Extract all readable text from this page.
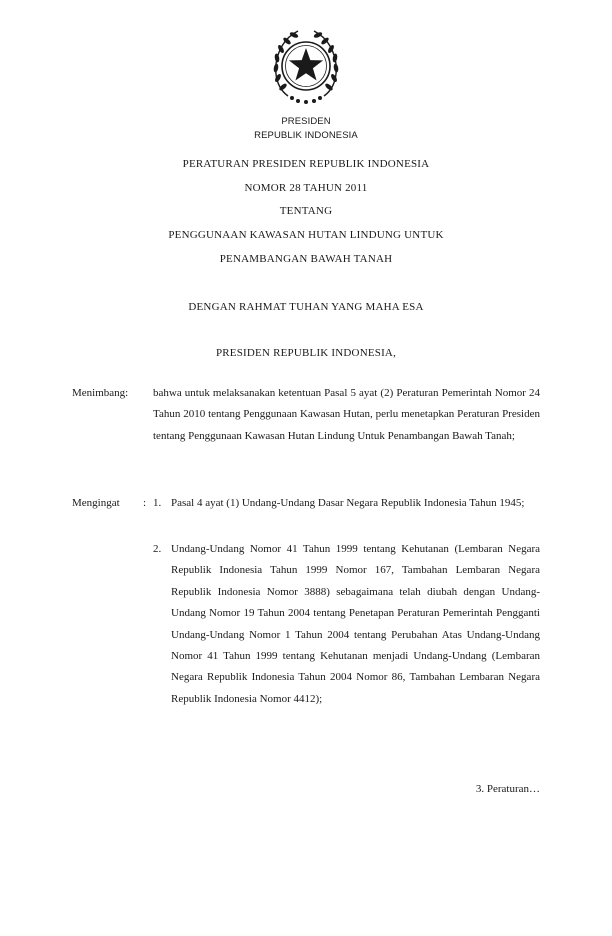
PRESIDEN
REPUBLIK INDONESIA
PERATURAN PRESIDEN REPUBLIK INDONESIA
NOMOR 28 TAHUN 2011
TENTANG
PENGGUNAAN KAWASAN HUTAN LINDUNG UNTUK
PENAMBANGAN BAWAH TANAH
DENGAN RAHMAT TUHAN YANG MAHA ESA
PRESIDEN REPUBLIK INDONESIA,
Menimbang: bahwa untuk melaksanakan ketentuan Pasal 5 ayat (2) Peraturan Pemerintah Nomor 24 Tahun 2010 tentang Penggunaan Kawasan Hutan, perlu menetapkan Peraturan Presiden tentang Penggunaan Kawasan Hutan Lindung Untuk Penambangan Bawah Tanah;
Mengingat : 1. Pasal 4 ayat (1) Undang-Undang Dasar Negara Republik Indonesia Tahun 1945;
2. Undang-Undang Nomor 41 Tahun 1999 tentang Kehutanan (Lembaran Negara Republik Indonesia Tahun 1999 Nomor 167, Tambahan Lembaran Negara Republik Indonesia Nomor 3888) sebagaimana telah diubah dengan Undang-Undang Nomor 19 Tahun 2004 tentang Penetapan Peraturan Pemerintah Pengganti Undang-Undang Nomor 1 Tahun 2004 tentang Perubahan Atas Undang-Undang Nomor 41 Tahun 1999 tentang Kehutanan menjadi Undang-Undang (Lembaran Negara Republik Indonesia Tahun 2004 Nomor 86, Tambahan Lembaran Negara Republik Indonesia Nomor 4412);
3. Peraturan…
